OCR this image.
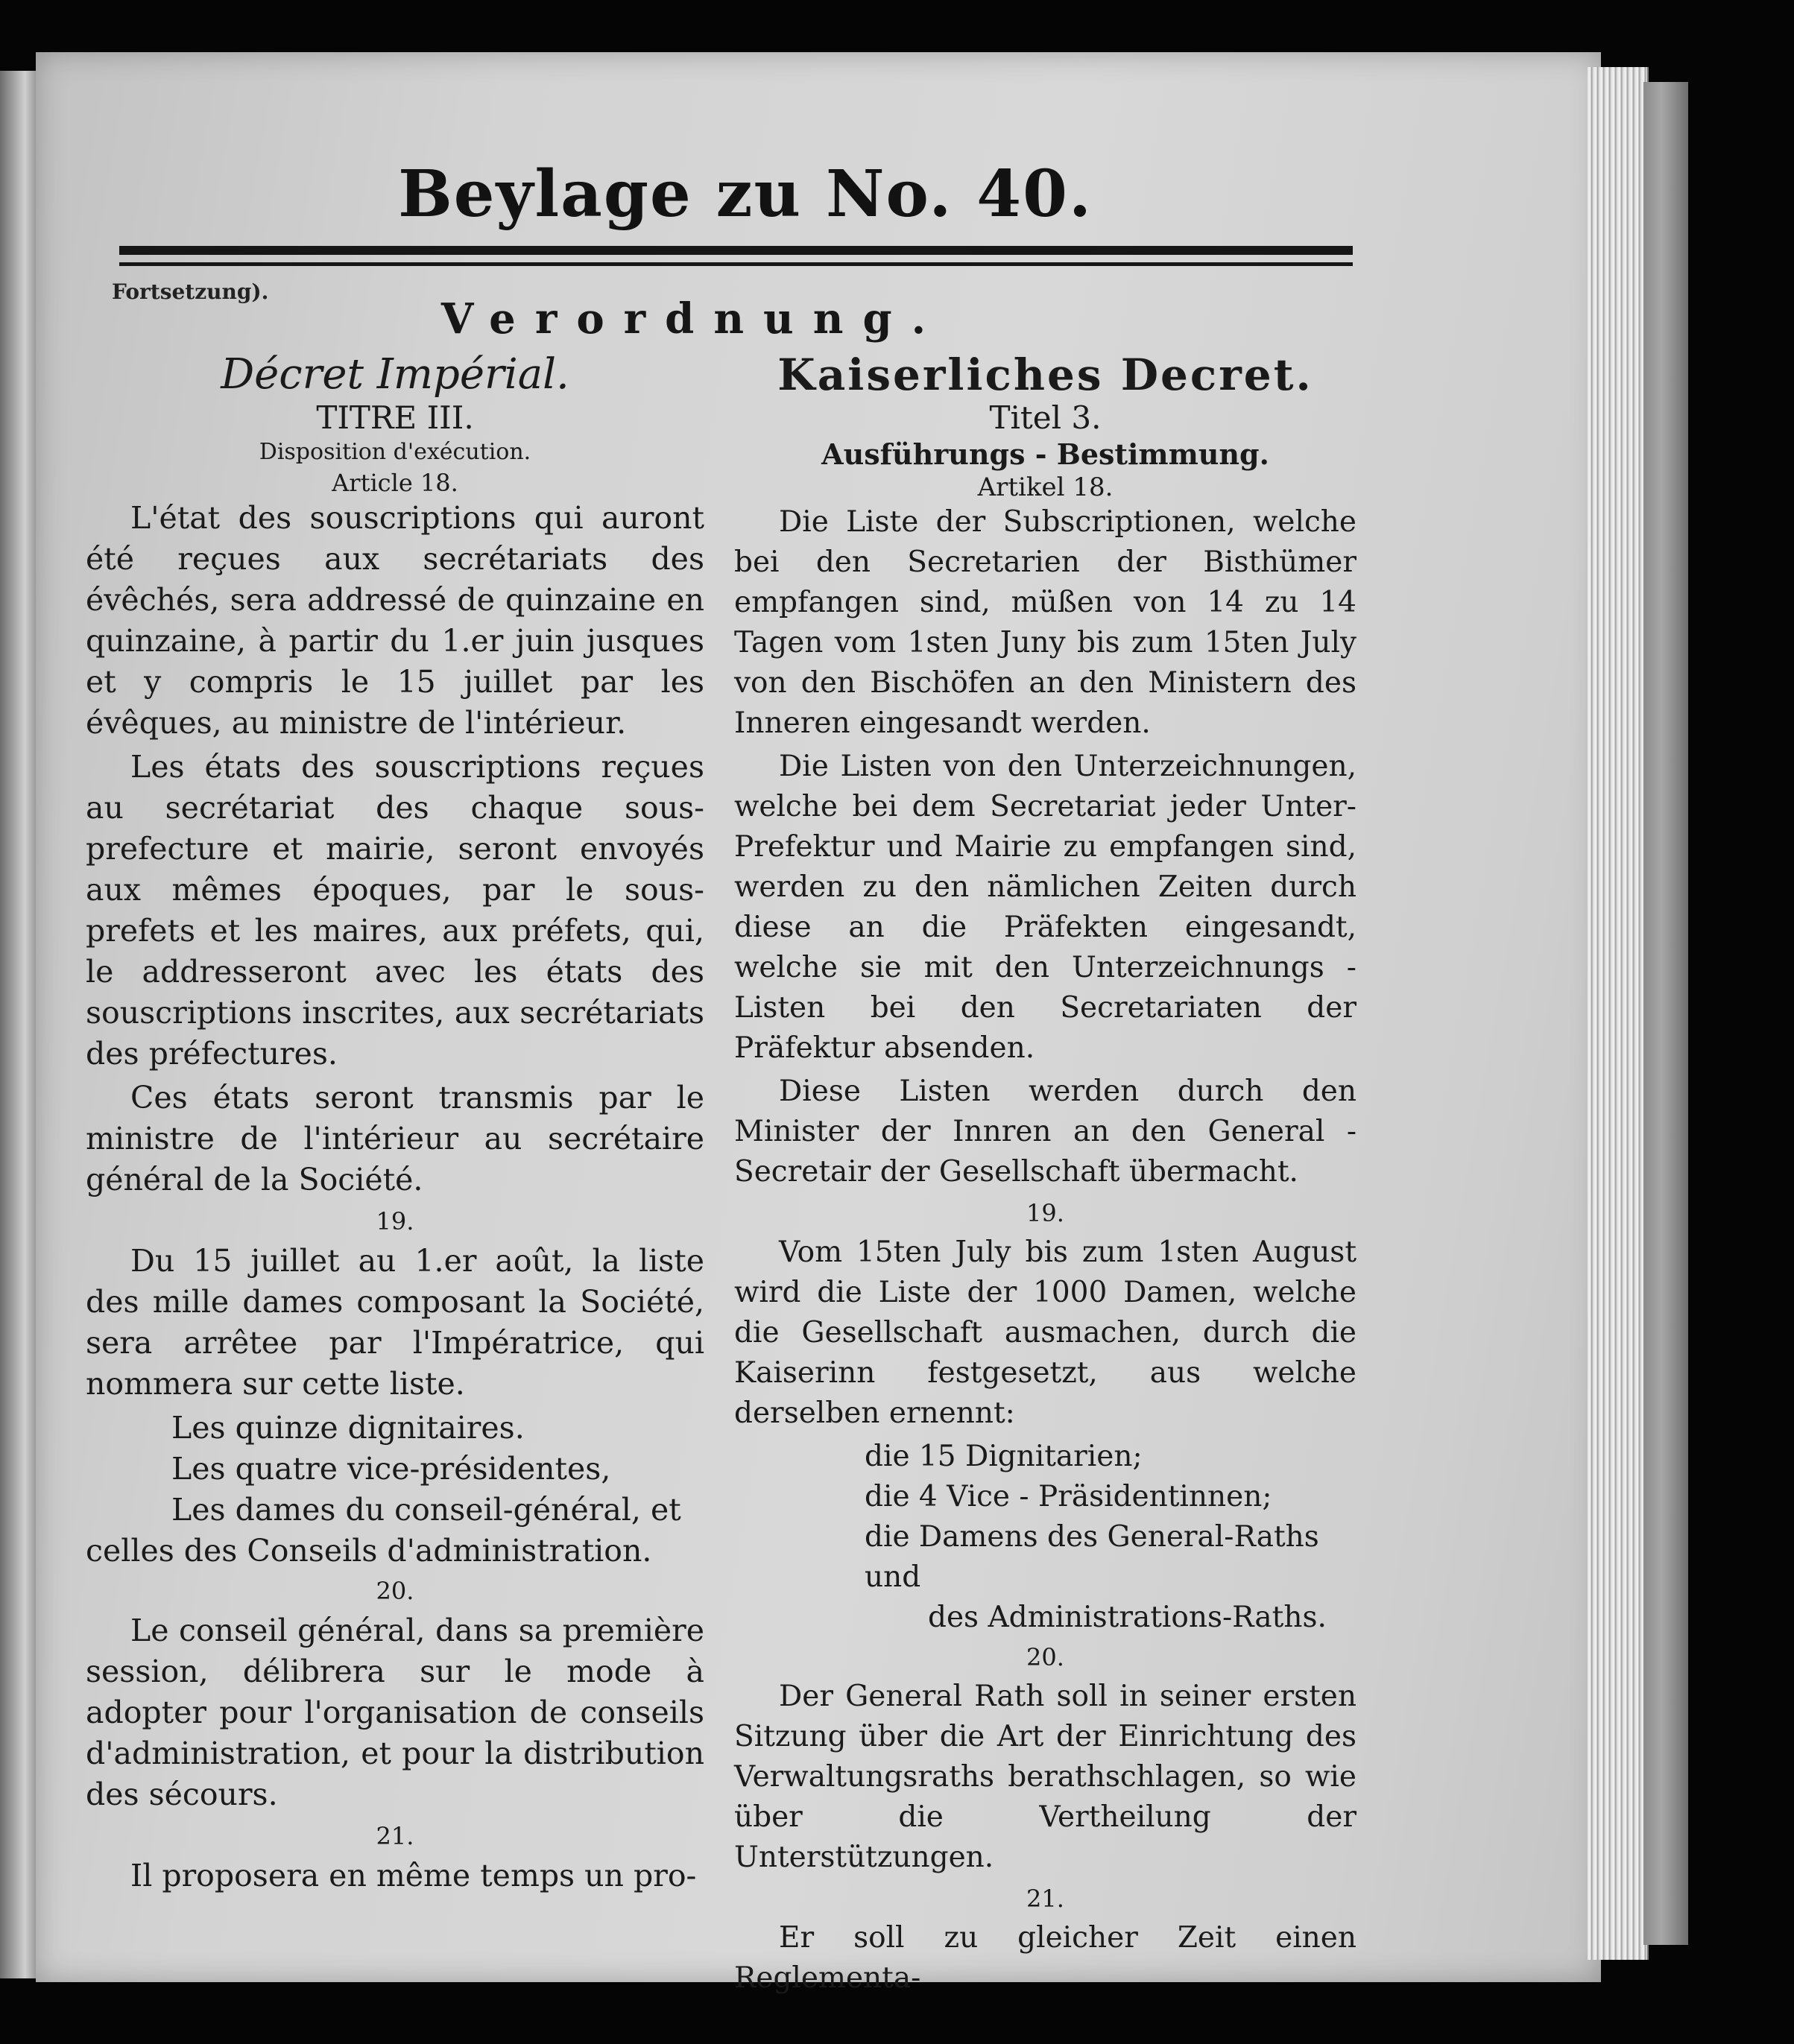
Beylage zu No. 40.
Fortsetzung).
Verordnung.

Décret Impérial.

TITRE III.

Disposition d'exécution.

Article 18.

L'état des souscriptions qui auront été reçues aux secrétariats des évêchés, sera addressé de quinzaine en quinzaine, à partir du 1.er juin jusques et y compris le 15 juillet par les évêques, au ministre de l'intérieur.

Les états des souscriptions reçues au secrétariat des chaque sous-prefecture et mairie, seront envoyés aux mêmes époques, par le sous-prefets et les maires, aux préfets, qui, le addresseront avec les états des souscriptions inscrites, aux secrétariats des préfectures.

Ces états seront transmis par le ministre de l'intérieur au secrétaire général de la Société.

19.

Du 15 juillet au 1.er août, la liste des mille dames composant la Société, sera arrêtee par l'Impératrice, qui nommera sur cette liste.

Les quinze dignitaires.

Les quatre vice-présidentes,

Les dames du conseil-général, et

celles des Conseils d'administration.

20.

Le conseil général, dans sa première session, délibrera sur le mode à adopter pour l'organisation de conseils d'administration, et pour la distribution des sécours.

21.

Il proposera en même temps un pro-

Kaiserliches Decret.

Titel 3.

Ausführungs - Bestimmung.

Artikel 18.

Die Liste der Subscriptionen, welche bei den Secretarien der Bisthümer empfangen sind, müßen von 14 zu 14 Tagen vom 1sten Juny bis zum 15ten July von den Bischöfen an den Ministern des Inneren eingesandt werden.

Die Listen von den Unterzeichnungen, welche bei dem Secretariat jeder Unter-Prefektur und Mairie zu empfangen sind, werden zu den nämlichen Zeiten durch diese an die Präfekten eingesandt, welche sie mit den Unterzeichnungs - Listen bei den Secretariaten der Präfektur absenden.

Diese Listen werden durch den Minister der Innren an den General - Secretair der Gesellschaft übermacht.

19.

Vom 15ten July bis zum 1sten August wird die Liste der 1000 Damen, welche die Gesellschaft ausmachen, durch die Kaiserinn festgesetzt, aus welche derselben ernennt:

die 15 Dignitarien;

die 4 Vice - Präsidentinnen;

die Damens des General-Raths und

des Administrations-Raths.

20.

Der General Rath soll in seiner ersten Sitzung über die Art der Einrichtung des Verwaltungsraths berathschlagen, so wie über die Vertheilung der Unterstützungen.

21.

Er soll zu gleicher Zeit einen Reglementa-
